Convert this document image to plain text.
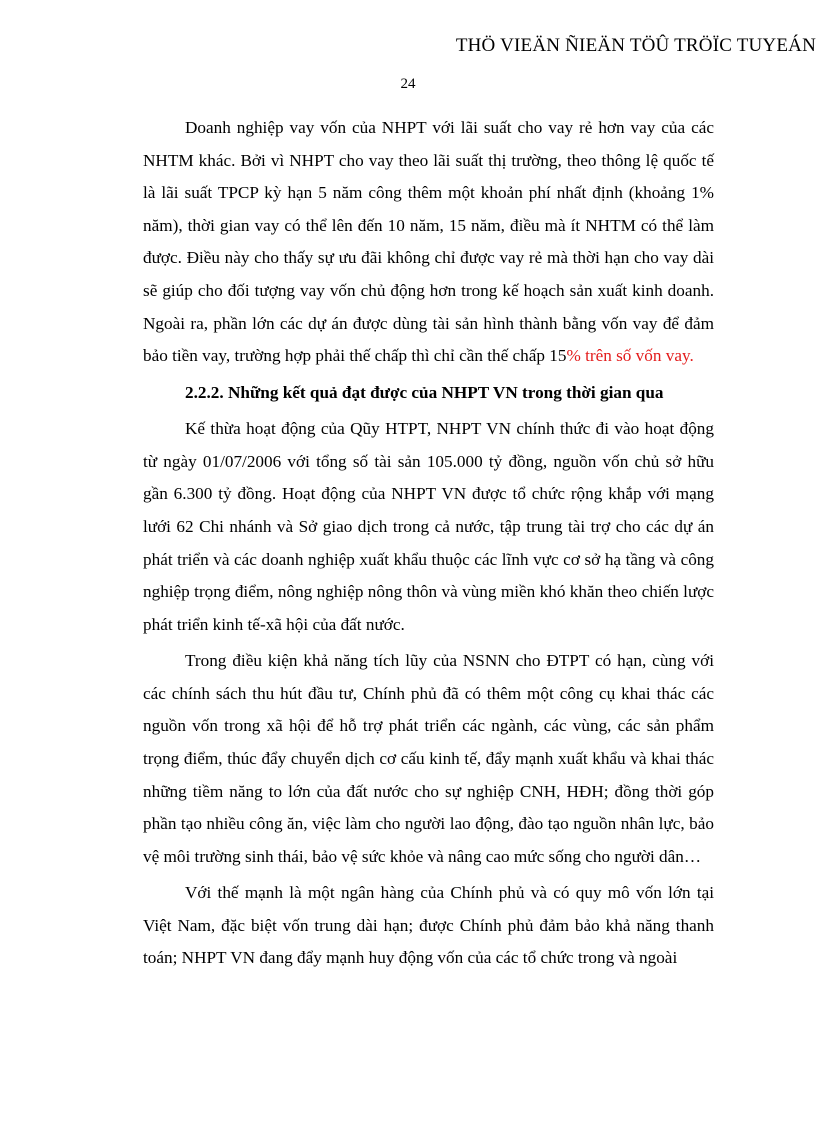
THÖ VIEÄN ÑIEÄN TÖÛ TRÖÏC TUYEÁN
24

Doanh nghiệp vay vốn của NHPT với lãi suất cho vay rẻ hơn vay của các NHTM khác. Bởi vì NHPT cho vay theo lãi suất thị trường, theo thông lệ quốc tế là lãi suất TPCP kỳ hạn 5 năm công thêm một khoản phí nhất định (khoảng 1% năm), thời gian vay có thể lên đến 10 năm, 15 năm, điều mà ít NHTM có thể làm được. Điều này cho thấy sự ưu đãi không chỉ được vay rẻ mà thời hạn cho vay dài sẽ giúp cho đối tượng vay vốn chủ động hơn trong kế hoạch sản xuất kinh doanh. Ngoài ra, phần lớn các dự án được dùng tài sản hình thành bằng vốn vay để đảm bảo tiền vay, trường hợp phải thế chấp thì chỉ cần thế chấp 15% trên số vốn vay.

2.2.2. Những kết quả đạt được của NHPT VN trong thời gian qua

Kế thừa hoạt động của Qũy HTPT, NHPT VN chính thức đi vào hoạt động từ ngày 01/07/2006 với tổng số tài sản 105.000 tỷ đồng, nguồn vốn chủ sở hữu gần 6.300 tỷ đồng. Hoạt động của NHPT VN được tổ chức rộng khắp với mạng lưới 62 Chi nhánh và Sở giao dịch trong cả nước, tập trung tài trợ cho các dự án phát triển và các doanh nghiệp xuất khẩu thuộc các lĩnh vực cơ sở hạ tầng và công nghiệp trọng điểm, nông nghiệp nông thôn và vùng miền khó khăn theo chiến lược phát triển kinh tế-xã hội của đất nước.

Trong điều kiện khả năng tích lũy của NSNN cho ĐTPT có hạn, cùng với các chính sách thu hút đầu tư, Chính phủ đã có thêm một công cụ khai thác các nguồn vốn trong xã hội để hỗ trợ phát triển các ngành, các vùng, các sản phẩm trọng điểm, thúc đẩy chuyển dịch cơ cấu kinh tế, đẩy mạnh xuất khẩu và khai thác những tiềm năng to lớn của đất nước cho sự nghiệp CNH, HĐH; đồng thời góp phần tạo nhiều công ăn, việc làm cho người lao động, đào tạo nguồn nhân lực, bảo vệ môi trường sinh thái, bảo vệ sức khỏe và nâng cao mức sống cho người dân…

Với thế mạnh là một ngân hàng của Chính phủ và có quy mô vốn lớn tại Việt Nam, đặc biệt vốn trung dài hạn; được Chính phủ đảm bảo khả năng thanh toán; NHPT VN đang đẩy mạnh huy động vốn của các tổ chức trong và ngoài
